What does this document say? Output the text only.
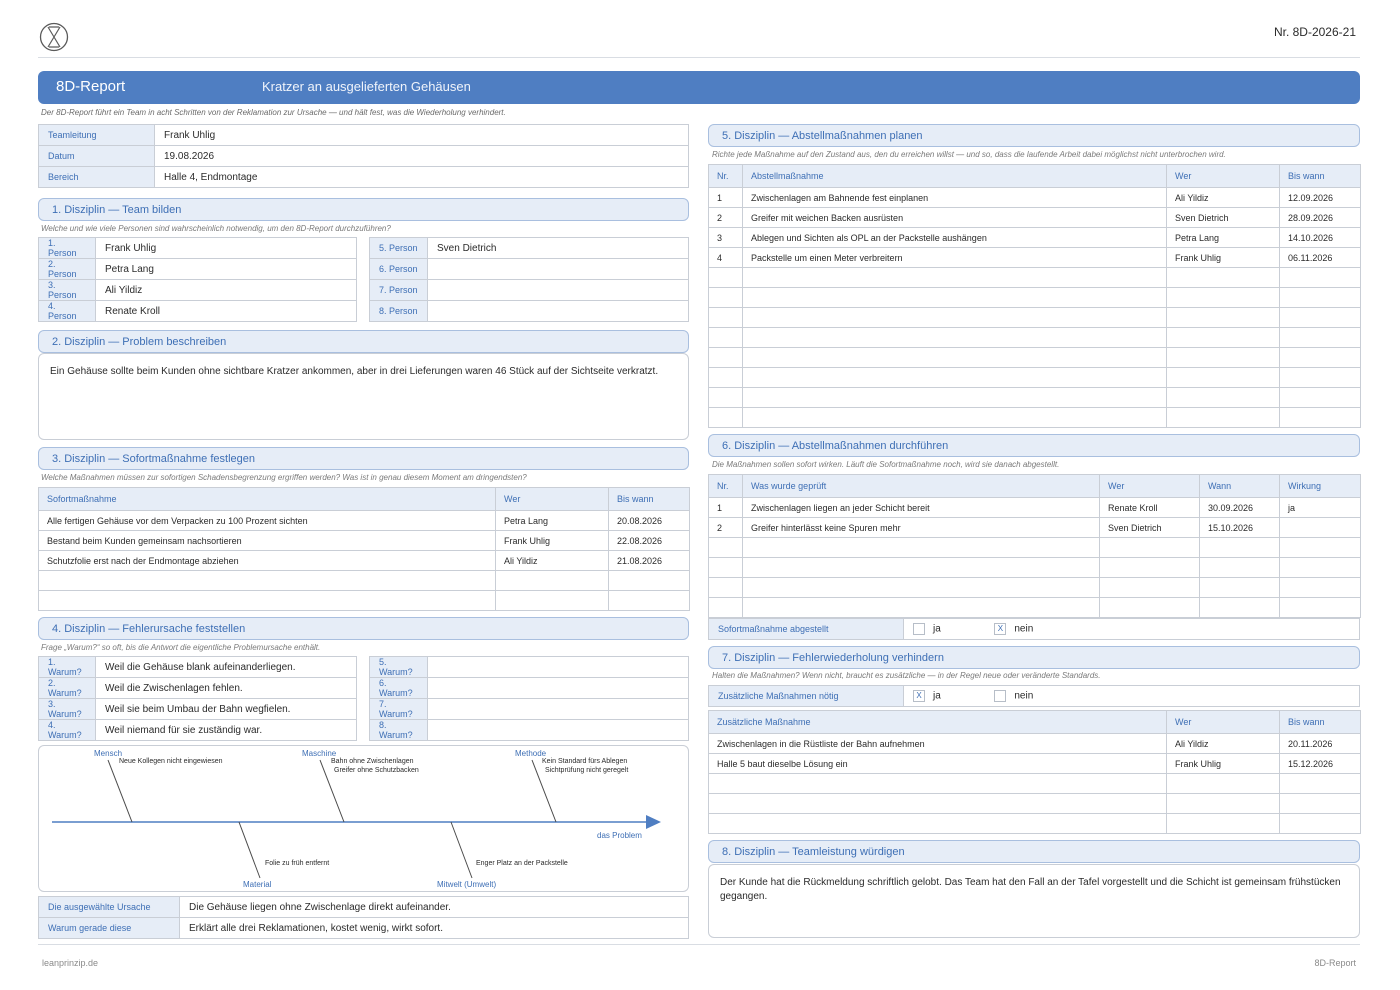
Nr. 8D-2026-21
8D-Report	Kratzer an ausgelieferten Gehäusen
Der 8D-Report führt ein Team in acht Schritten von der Reklamation zur Ursache — und hält fest, was die Wiederholung verhindert.
Teamleitung	Frank Uhlig
Datum	19.08.2026
Bereich	Halle 4, Endmontage
1. Disziplin — Team bilden
Welche und wie viele Personen sind wahrscheinlich notwendig, um den 8D-Report durchzuführen?
1. Person	Frank Uhlig
2. Person	Petra Lang
3. Person	Ali Yildiz
4. Person	Renate Kroll
5. Person	Sven Dietrich
6. Person	
7. Person	
8. Person	
2. Disziplin — Problem beschreiben
Ein Gehäuse sollte beim Kunden ohne sichtbare Kratzer ankommen, aber in drei Lieferungen waren 46 Stück auf der Sichtseite verkratzt.
3. Disziplin — Sofortmaßnahme festlegen
Welche Maßnahmen müssen zur sofortigen Schadensbegrenzung ergriffen werden? Was ist in genau diesem Moment am dringendsten?
Sofortmaßnahme	Wer	Bis wann
Alle fertigen Gehäuse vor dem Verpacken zu 100 Prozent sichten	Petra Lang	20.08.2026
Bestand beim Kunden gemeinsam nachsortieren	Frank Uhlig	22.08.2026
Schutzfolie erst nach der Endmontage abziehen	Ali Yildiz	21.08.2026

4. Disziplin — Fehlerursache feststellen
Frage „Warum?“ so oft, bis die Antwort die eigentliche Problemursache enthält.
1. Warum?	Weil die Gehäuse blank aufeinanderliegen.
2. Warum?	Weil die Zwischenlagen fehlen.
3. Warum?	Weil sie beim Umbau der Bahn wegfielen.
4. Warum?	Weil niemand für sie zuständig war.
5. Warum?	
6. Warum?	
7. Warum?	
8. Warum?	
Mensch
Neue Kollegen nicht eingewiesen
Maschine
Bahn ohne Zwischenlagen
Greifer ohne Schutzbacken
Methode
Kein Standard fürs Ablegen
Sichtprüfung nicht geregelt
das Problem
Folie zu früh entfernt
Material
Enger Platz an der Packstelle
Mitwelt (Umwelt)
Die ausgewählte Ursache	Die Gehäuse liegen ohne Zwischenlage direkt aufeinander.
Warum gerade diese	Erklärt alle drei Reklamationen, kostet wenig, wirkt sofort.
5. Disziplin — Abstellmaßnahmen planen
Richte jede Maßnahme auf den Zustand aus, den du erreichen willst — und so, dass die laufende Arbeit dabei möglichst nicht unterbrochen wird.
Nr.	Abstellmaßnahme	Wer	Bis wann
1	Zwischenlagen am Bahnende fest einplanen	Ali Yildiz	12.09.2026
2	Greifer mit weichen Backen ausrüsten	Sven Dietrich	28.09.2026
3	Ablegen und Sichten als OPL an der Packstelle aushängen	Petra Lang	14.10.2026
4	Packstelle um einen Meter verbreitern	Frank Uhlig	06.11.2026

6. Disziplin — Abstellmaßnahmen durchführen
Die Maßnahmen sollen sofort wirken. Läuft die Sofortmaßnahme noch, wird sie danach abgestellt.
Nr.	Was wurde geprüft	Wer	Wann	Wirkung
1	Zwischenlagen liegen an jeder Schicht bereit	Renate Kroll	30.09.2026	ja
2	Greifer hinterlässt keine Spuren mehr	Sven Dietrich	15.10.2026	

Sofortmaßnahme abgestellt	ja	X nein
7. Disziplin — Fehlerwiederholung verhindern
Halten die Maßnahmen? Wenn nicht, braucht es zusätzliche — in der Regel neue oder veränderte Standards.
Zusätzliche Maßnahmen nötig	X ja	nein
Zusätzliche Maßnahme	Wer	Bis wann
Zwischenlagen in die Rüstliste der Bahn aufnehmen	Ali Yildiz	20.11.2026
Halle 5 baut dieselbe Lösung ein	Frank Uhlig	15.12.2026

8. Disziplin — Teamleistung würdigen
Der Kunde hat die Rückmeldung schriftlich gelobt. Das Team hat den Fall an der Tafel vorgestellt und die Schicht ist gemeinsam frühstücken gegangen.
leanprinzip.de	8D-Report
